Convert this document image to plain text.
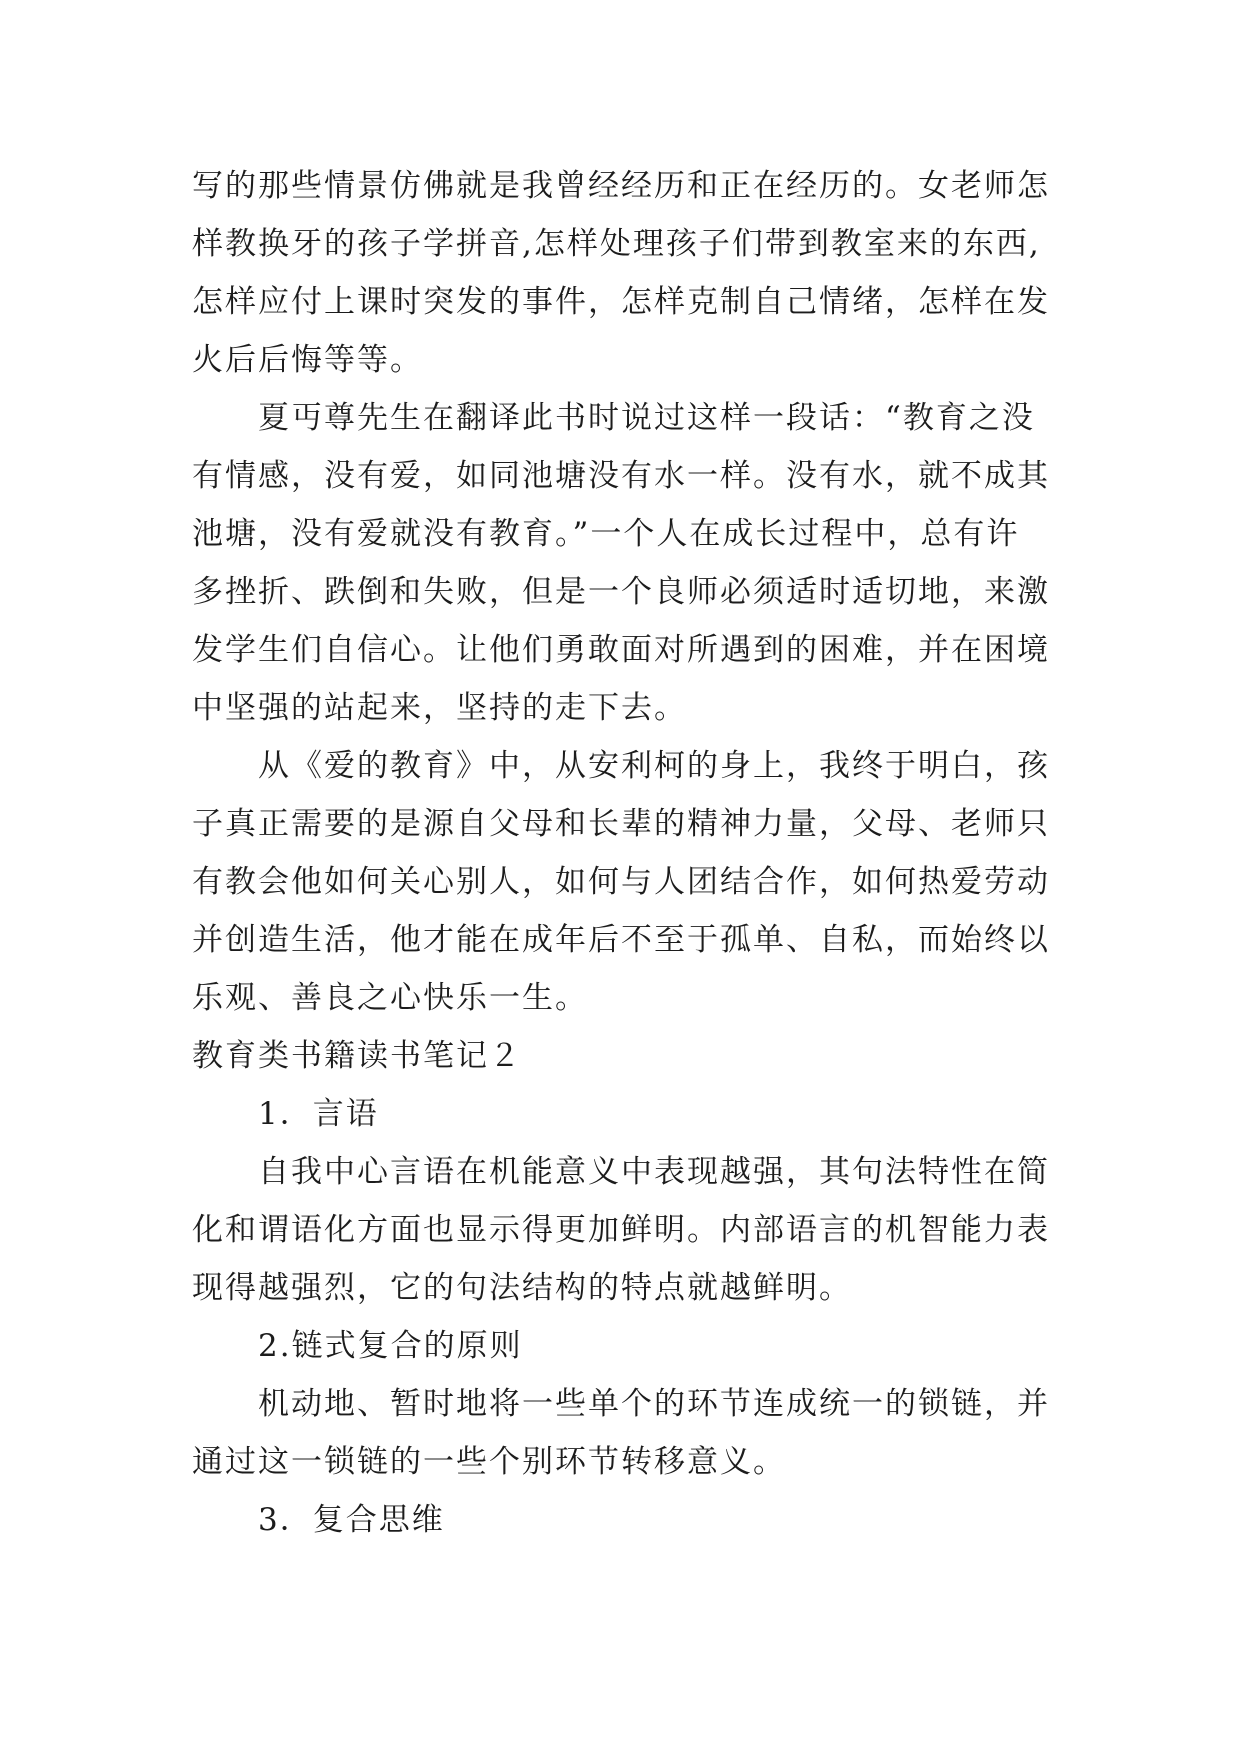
写的那些情景仿佛就是我曾经经历和正在经历的。女老师怎
样教换牙的孩子学拼音,怎样处理孩子们带到教室来的东西,
怎样应付上课时突发的事件，怎样克制自己情绪，怎样在发
火后后悔等等。
夏丏尊先生在翻译此书时说过这样一段话：“教育之没
有情感，没有爱，如同池塘没有水一样。没有水，就不成其
池塘，没有爱就没有教育。”一个人在成长过程中，总有许
多挫折、跌倒和失败，但是一个良师必须适时适切地，来激
发学生们自信心。让他们勇敢面对所遇到的困难，并在困境
中坚强的站起来，坚持的走下去。
从《爱的教育》中，从安利柯的身上，我终于明白，孩
子真正需要的是源自父母和长辈的精神力量，父母、老师只
有教会他如何关心别人，如何与人团结合作，如何热爱劳动
并创造生活，他才能在成年后不至于孤单、自私，而始终以
乐观、善良之心快乐一生。
教育类书籍读书笔记２
1．言语
自我中心言语在机能意义中表现越强，其句法特性在简
化和谓语化方面也显示得更加鲜明。内部语言的机智能力表
现得越强烈，它的句法结构的特点就越鲜明。
2.链式复合的原则
机动地、暂时地将一些单个的环节连成统一的锁链，并
通过这一锁链的一些个别环节转移意义。
3．复合思维
